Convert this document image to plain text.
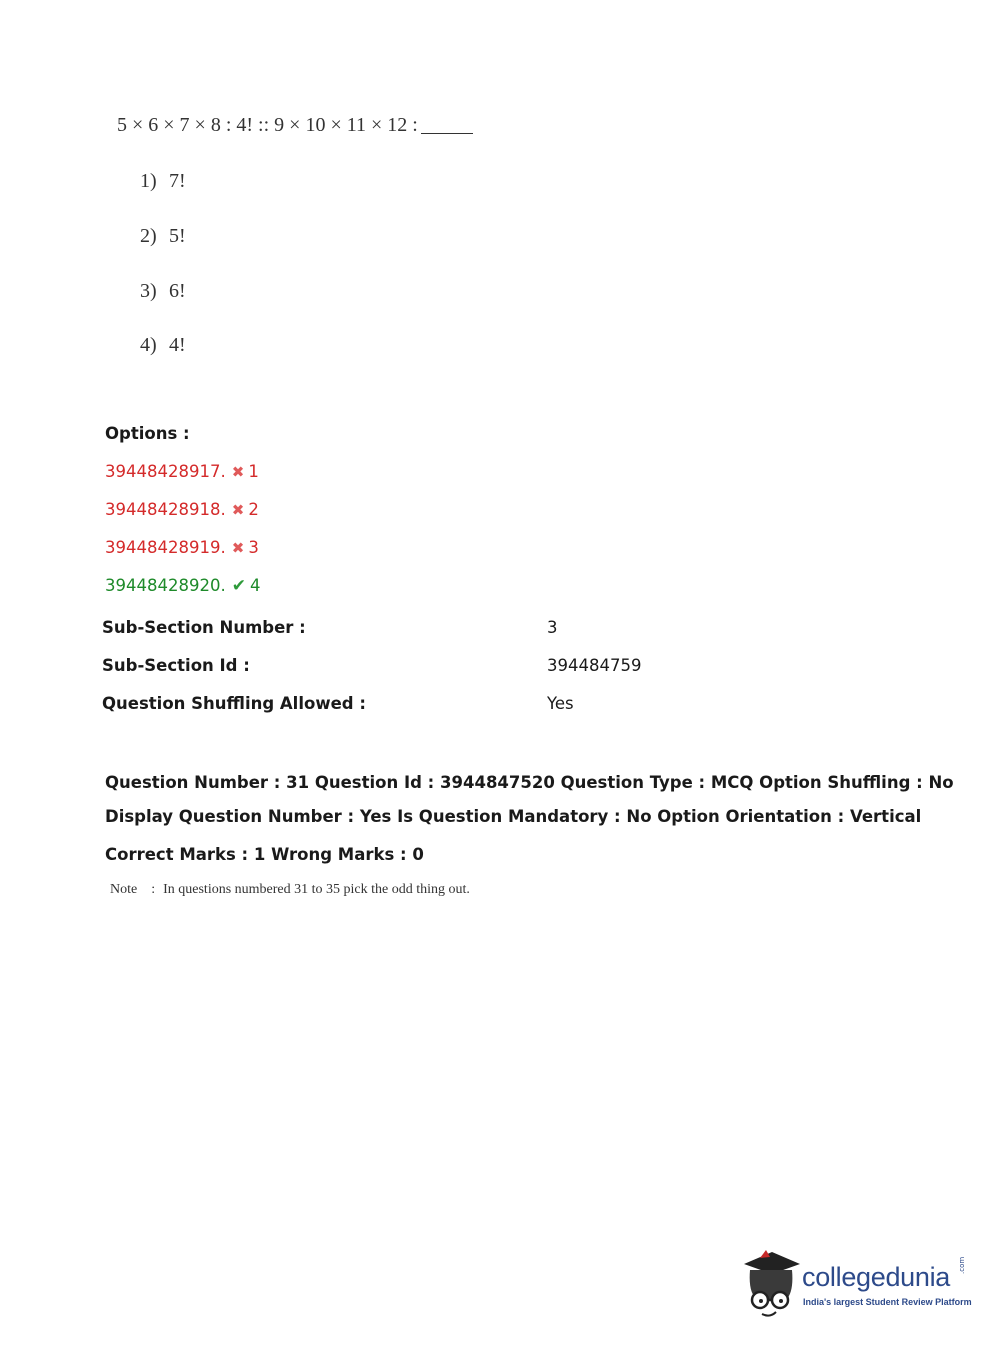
5 × 6 × 7 × 8 : 4! :: 9 × 10 × 11 × 12 :
1) 7!
2) 5!
3) 6!
4) 4!
Options :
39448428917. ✖ 1
39448428918. ✖ 2
39448428919. ✖ 3
39448428920. ✔ 4
Sub-Section Number :	3
Sub-Section Id :	394484759
Question Shuffling Allowed :	Yes
Question Number : 31 Question Id : 3944847520 Question Type : MCQ Option Shuffling : No
Display Question Number : Yes Is Question Mandatory : No Option Orientation : Vertical
Correct Marks : 1 Wrong Marks : 0
Note : In questions numbered 31 to 35 pick the odd thing out.
collegedunia .com
India's largest Student Review Platform
